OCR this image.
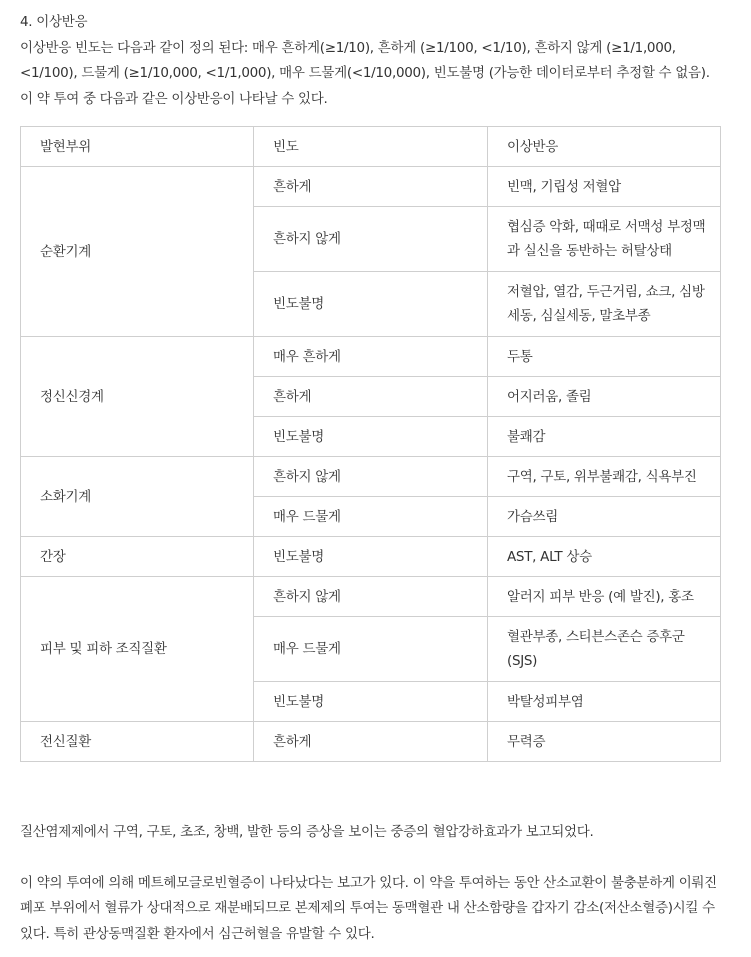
4. 이상반응

이상반응 빈도는 다음과 같이 정의 된다: 매우 흔하게(≥1/10), 흔하게 (≥1/100, <1/10), 흔하지 않게 (≥1/1,000, <1/100), 드물게 (≥1/10,000, <1/1,000), 매우 드물게(<1/10,000), 빈도불명 (가능한 데이터로부터 추정할 수 없음).

이 약 투여 중 다음과 같은 이상반응이 나타날 수 있다.

발현부위	빈도	이상반응
순환기계	흔하게	빈맥, 기립성 저혈압
	흔하지 않게	협심증 악화, 때때로 서맥성 부정맥과 실신을 동반하는 허탈상태
	빈도불명	저혈압, 열감, 두근거림, 쇼크, 심방세동, 심실세동, 말초부종
정신신경계	매우 흔하게	두통
	흔하게	어지러움, 졸림
	빈도불명	불쾌감
소화기계	흔하지 않게	구역, 구토, 위부불쾌감, 식욕부진
	매우 드물게	가슴쓰림
간장	빈도불명	AST, ALT 상승
피부 및 피하 조직질환	흔하지 않게	알러지 피부 반응 (예 발진), 홍조
	매우 드물게	혈관부종, 스티븐스존슨 증후군(SJS)
	빈도불명	박탈성피부염
전신질환	흔하게	무력증

질산염제제에서 구역, 구토, 초조, 창백, 발한 등의 증상을 보이는 중증의 혈압강하효과가 보고되었다.

이 약의 투여에 의해 메트헤모글로빈혈증이 나타났다는 보고가 있다. 이 약을 투여하는 동안 산소교환이 불충분하게 이뤄진 폐포 부위에서 혈류가 상대적으로 재분배되므로 본제제의 투여는 동맥혈관 내 산소함량을 갑자기 감소(저산소혈증)시킬 수 있다. 특히 관상동맥질환 환자에서 심근허혈을 유발할 수 있다.
